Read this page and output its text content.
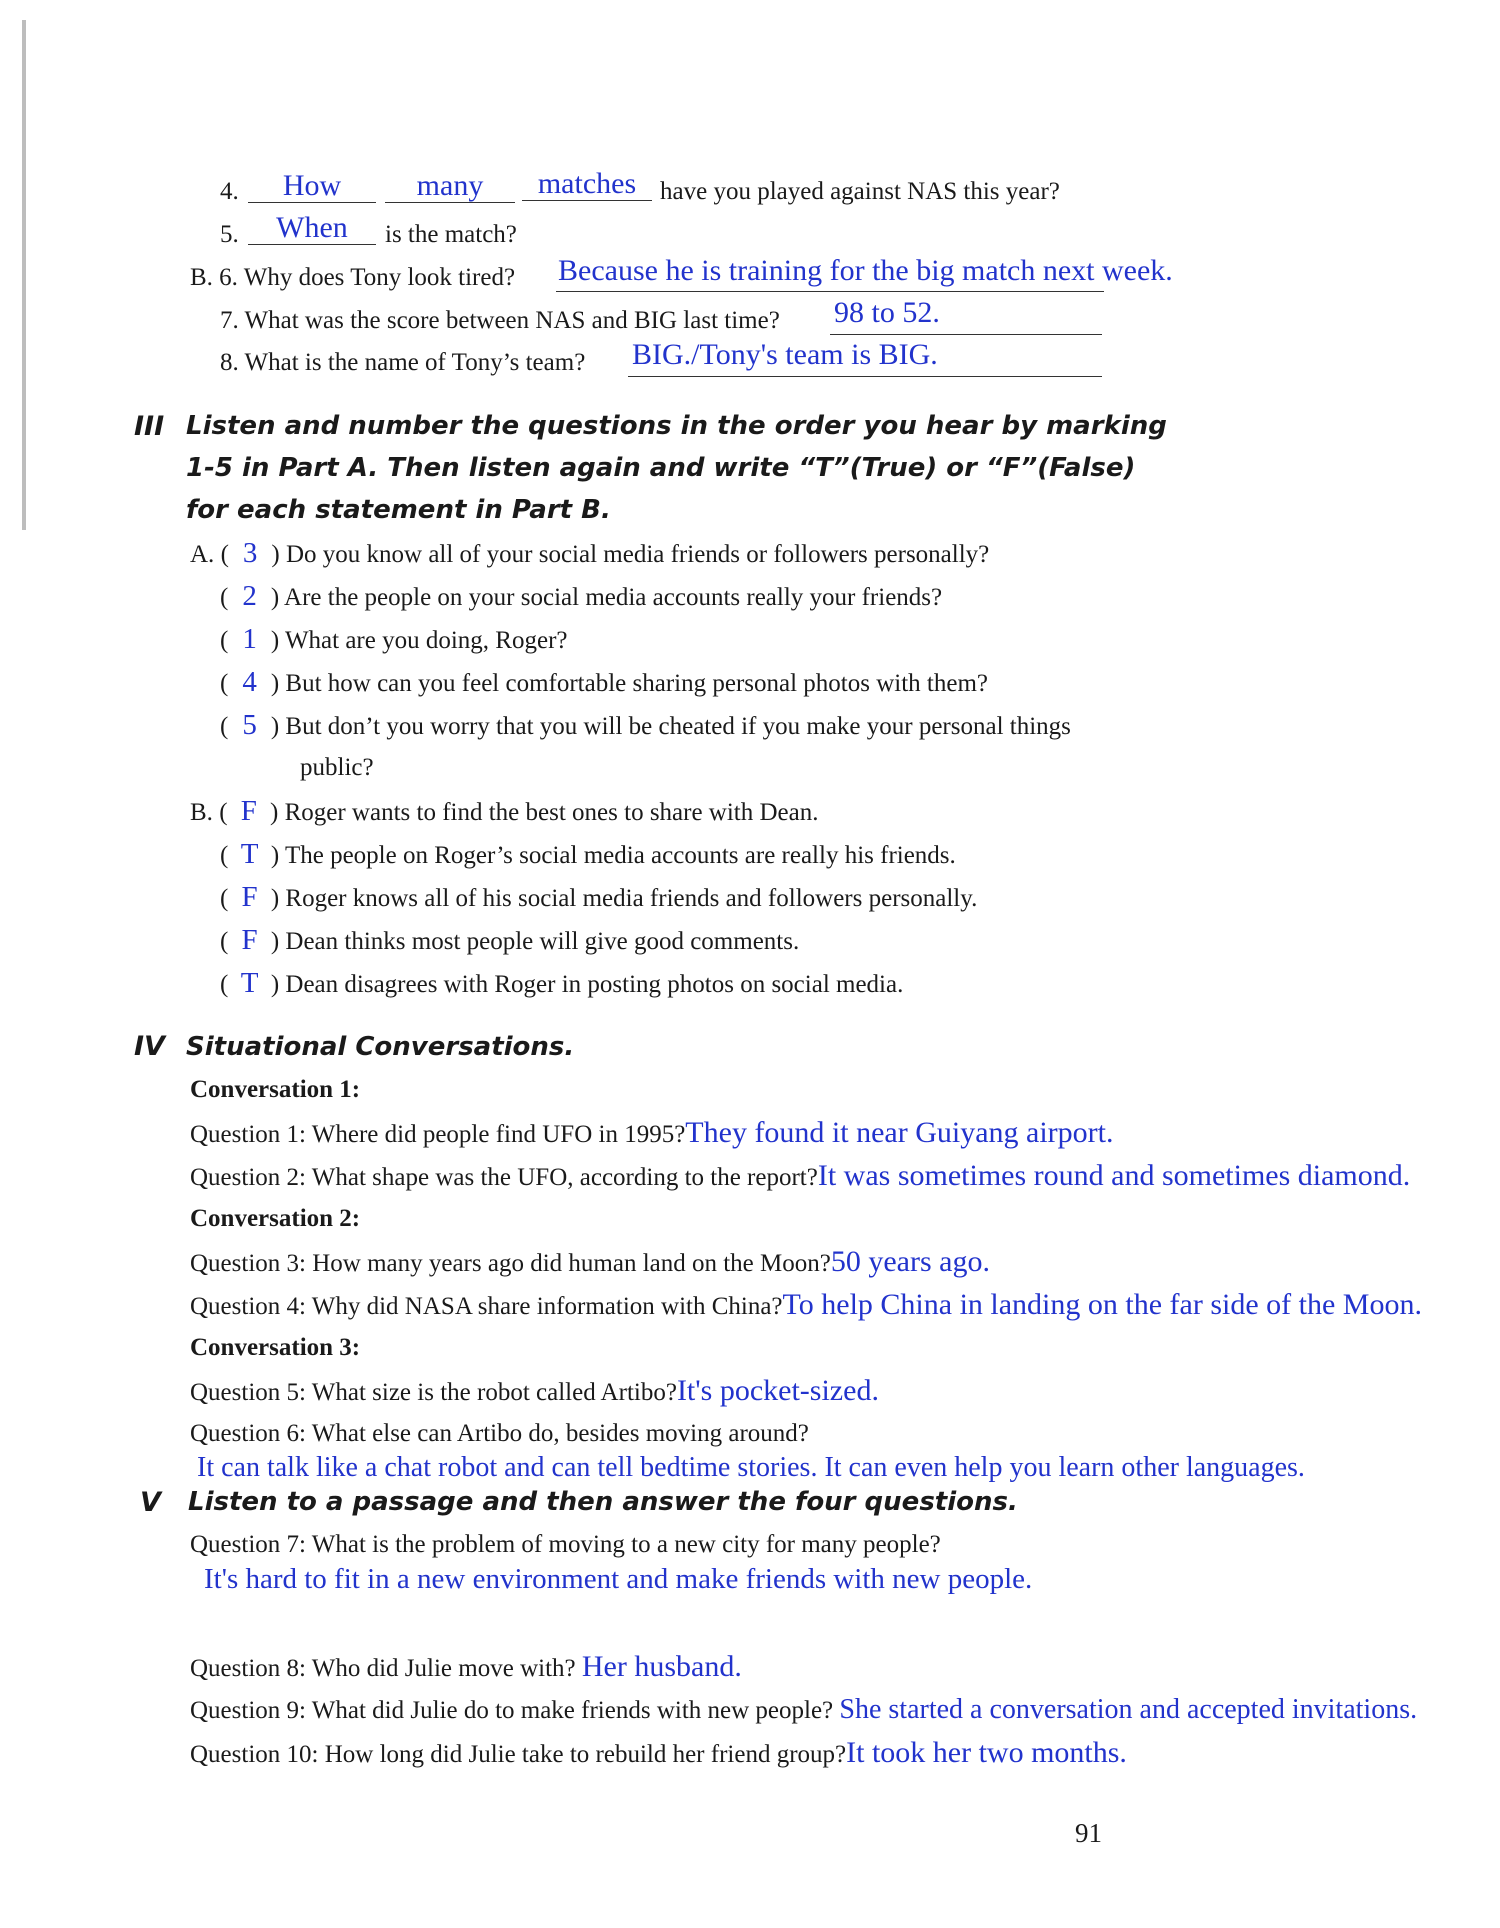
4.	How	many	matches have you played against NAS this year?
5.	When	is the match?
B. 6. Why does Tony look tired? Because he is training for the big match next week.
7. What was the score between NAS and BIG last time? 98 to 52.
8. What is the name of Tony’s team? BIG./Tony's team is BIG.
III Listen and number the questions in the order you hear by marking 1-5 in Part A. Then listen again and write “T”(True) or “F”(False) for each statement in Part B.
A. ( 3 ) Do you know all of your social media friends or followers personally?
( 2 ) Are the people on your social media accounts really your friends?
( 1 ) What are you doing, Roger?
( 4 ) But how can you feel comfortable sharing personal photos with them?
( 5 ) But don’t you worry that you will be cheated if you make your personal things
public?
B. ( F ) Roger wants to find the best ones to share with Dean.
( T ) The people on Roger’s social media accounts are really his friends.
( F ) Roger knows all of his social media friends and followers personally.
( F ) Dean thinks most people will give good comments.
( T ) Dean disagrees with Roger in posting photos on social media.
IV Situational Conversations.
Conversation 1:
Question 1: Where did people find UFO in 1995?They found it near Guiyang airport.
Question 2: What shape was the UFO, according to the report?It was sometimes round and sometimes diamond.
Conversation 2:
Question 3: How many years ago did human land on the Moon?50 years ago.
Question 4: Why did NASA share information with China?To help China in landing on the far side of the Moon.
Conversation 3:
Question 5: What size is the robot called Artibo?It's pocket-sized.
Question 6: What else can Artibo do, besides moving around?
It can talk like a chat robot and can tell bedtime stories. It can even help you learn other languages.
V Listen to a passage and then answer the four questions.
Question 7: What is the problem of moving to a new city for many people?
It's hard to fit in a new environment and make friends with new people.
Question 8: Who did Julie move with? Her husband.
Question 9: What did Julie do to make friends with new people? She started a conversation and accepted invitations.
Question 10: How long did Julie take to rebuild her friend group?It took her two months.
91
